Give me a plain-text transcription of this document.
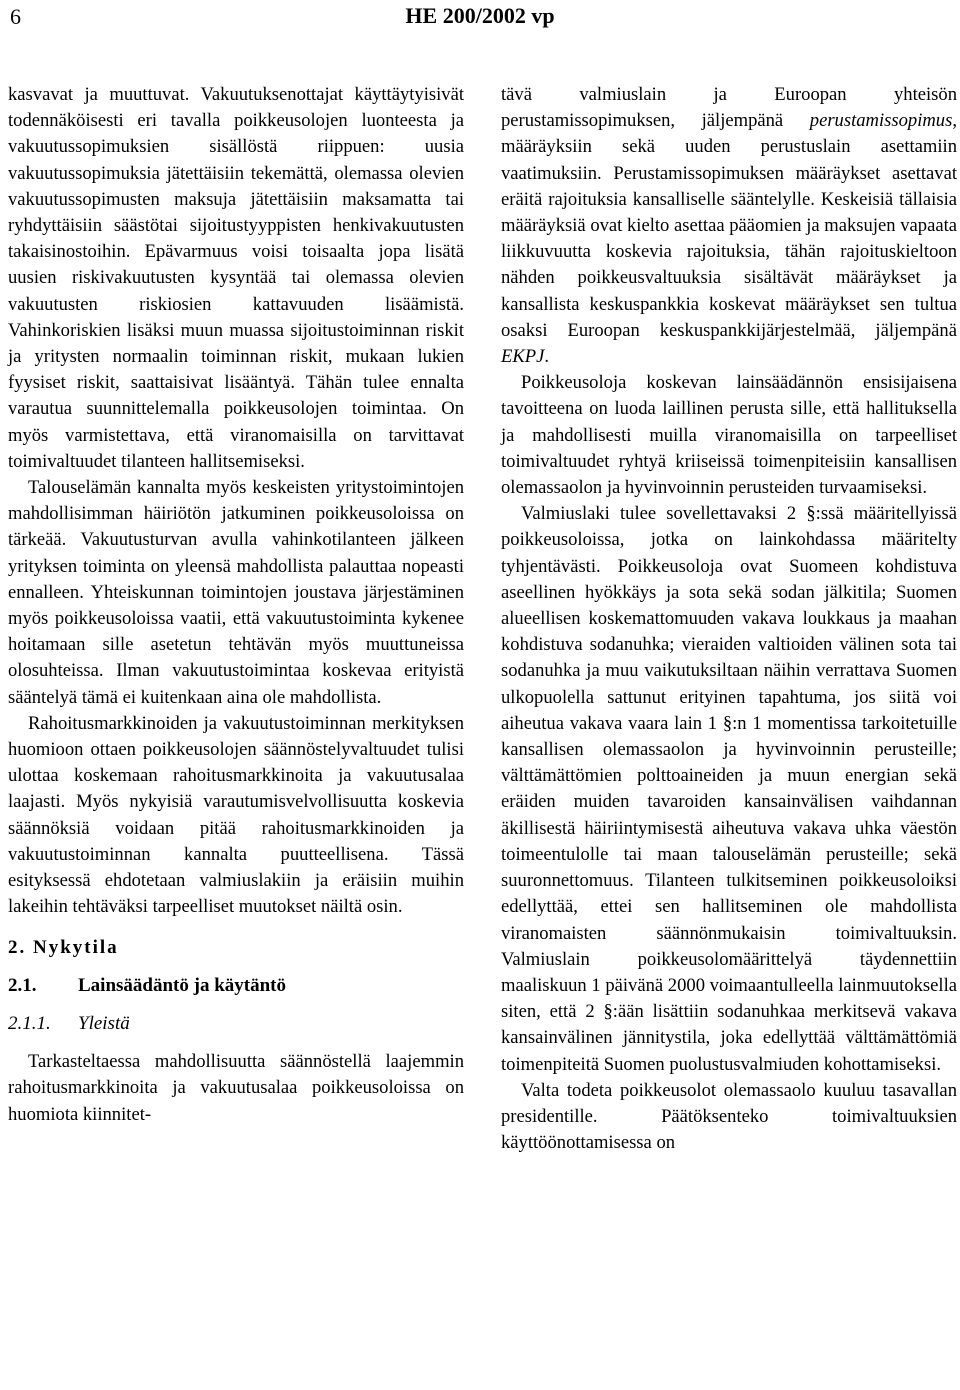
6	HE 200/2002 vp

kasvavat ja muuttuvat. Vakuutuksenottajat käyttäytyisivät todennäköisesti eri tavalla poikkeusolojen luonteesta ja vakuutussopimuksien sisällöstä riippuen: uusia vakuutussopimuksia jätettäisiin tekemättä, olemassa olevien vakuutussopimusten maksuja jätettäisiin maksamatta tai ryhdyttäisiin säästötai sijoitustyyppisten henkivakuutusten takaisinostoihin. Epävarmuus voisi toisaalta jopa lisätä uusien riskivakuutusten kysyntää tai olemassa olevien vakuutusten riskiosien kattavuuden lisäämistä. Vahinkoriskien lisäksi muun muassa sijoitustoiminnan riskit ja yritysten normaalin toiminnan riskit, mukaan lukien fyysiset riskit, saattaisivat lisääntyä. Tähän tulee ennalta varautua suunnittelemalla poikkeusolojen toimintaa. On myös varmistettava, että viranomaisilla on tarvittavat toimivaltuudet tilanteen hallitsemiseksi.

Talouselämän kannalta myös keskeisten yritystoimintojen mahdollisimman häiriötön jatkuminen poikkeusoloissa on tärkeää. Vakuutusturvan avulla vahinkotilanteen jälkeen yrityksen toiminta on yleensä mahdollista palauttaa nopeasti ennalleen. Yhteiskunnan toimintojen joustava järjestäminen myös poikkeusoloissa vaatii, että vakuutustoiminta kykenee hoitamaan sille asetetun tehtävän myös muuttuneissa olosuhteissa. Ilman vakuutustoimintaa koskevaa erityistä sääntelyä tämä ei kuitenkaan aina ole mahdollista.

Rahoitusmarkkinoiden ja vakuutustoiminnan merkityksen huomioon ottaen poikkeusolojen säännöstelyvaltuudet tulisi ulottaa koskemaan rahoitusmarkkinoita ja vakuutusalaa laajasti. Myös nykyisiä varautumisvelvollisuutta koskevia säännöksiä voidaan pitää rahoitusmarkkinoiden ja vakuutustoiminnan kannalta puutteellisena. Tässä esityksessä ehdotetaan valmiuslakiin ja eräisiin muihin lakeihin tehtäväksi tarpeelliset muutokset näiltä osin.

2. Nykytila
2.1. Lainsäädäntö ja käytäntö
2.1.1. Yleistä

Tarkasteltaessa mahdollisuutta säännöstellä laajemmin rahoitusmarkkinoita ja vakuutusalaa poikkeusoloissa on huomiota kiinnitet-

tävä valmiuslain ja Euroopan yhteisön perustamissopimuksen, jäljempänä perustamissopimus, määräyksiin sekä uuden perustuslain asettamiin vaatimuksiin. Perustamissopimuksen määräykset asettavat eräitä rajoituksia kansalliselle sääntelylle. Keskeisiä tällaisia määräyksiä ovat kielto asettaa pääomien ja maksujen vapaata liikkuvuutta koskevia rajoituksia, tähän rajoituskieltoon nähden poikkeusvaltuuksia sisältävät määräykset ja kansallista keskuspankkia koskevat määräykset sen tultua osaksi Euroopan keskuspankkijärjestelmää, jäljempänä EKPJ.

Poikkeusoloja koskevan lainsäädännön ensisijaisena tavoitteena on luoda laillinen perusta sille, että hallituksella ja mahdollisesti muilla viranomaisilla on tarpeelliset toimivaltuudet ryhtyä kriiseissä toimenpiteisiin kansallisen olemassaolon ja hyvinvoinnin perusteiden turvaamiseksi.

Valmiuslaki tulee sovellettavaksi 2 §:ssä määritellyissä poikkeusoloissa, jotka on lainkohdassa määritelty tyhjentävästi. Poikkeusoloja ovat Suomeen kohdistuva aseellinen hyökkäys ja sota sekä sodan jälkitila; Suomen alueellisen koskemattomuuden vakava loukkaus ja maahan kohdistuva sodanuhka; vieraiden valtioiden välinen sota tai sodanuhka ja muu vaikutuksiltaan näihin verrattava Suomen ulkopuolella sattunut erityinen tapahtuma, jos siitä voi aiheutua vakava vaara lain 1 §:n 1 momentissa tarkoitetuille kansallisen olemassaolon ja hyvinvoinnin perusteille; välttämättömien polttoaineiden ja muun energian sekä eräiden muiden tavaroiden kansainvälisen vaihdannan äkillisestä häiriintymisestä aiheutuva vakava uhka väestön toimeentulolle tai maan talouselämän perusteille; sekä suuronnettomuus. Tilanteen tulkitseminen poikkeusoloiksi edellyttää, ettei sen hallitseminen ole mahdollista viranomaisten säännönmukaisin toimivaltuuksin. Valmiuslain poikkeusolomäärittelyä täydennettiin maaliskuun 1 päivänä 2000 voimaantulleella lainmuutoksella siten, että 2 §:ään lisättiin sodanuhkaa merkitsevä vakava kansainvälinen jännitystila, joka edellyttää välttämättömiä toimenpiteitä Suomen puolustusvalmiuden kohottamiseksi.

Valta todeta poikkeusolot olemassaolo kuuluu tasavallan presidentille. Päätöksenteko toimivaltuuksien käyttöönottamisessa on
